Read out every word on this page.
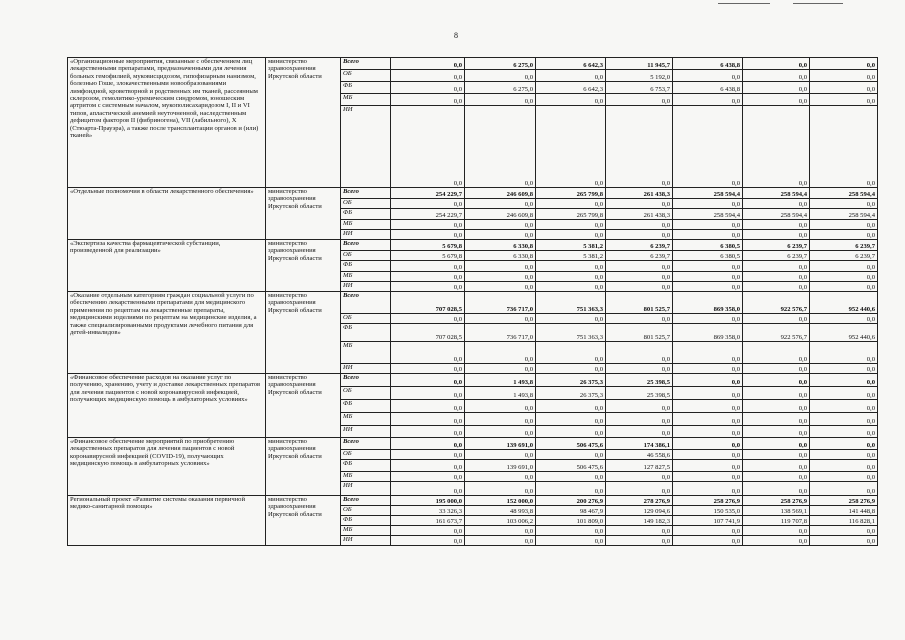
8
«Организационные мероприятия, связанные с обеспечением лиц лекарственными препаратами, предназначенными для лечения больных гемофилией, муковисцидозом, гипофизарным нанизмом, болезнью Гоше, злокачественными новообразованиями лимфоидной, кроветворной и родственных им тканей, рассеянным склерозом, гемолитико-уремическим синдромом, юношеским артритом с системным началом, мукополисахаридозом I, II и VI типов, апластической анемией неуточненной, наследственным дефицитом факторов II (фибриногена), VII (лабильного), X (Стюарта-Прауэра), а также после трансплантации органов и (или) тканей»	министерство здравоохранения Иркутской области	Всего	0,0	6 275,0	6 642,3	11 945,7	6 438,8	0,0	0,0
		ОБ	0,0	0,0	0,0	5 192,0	0,0	0,0	0,0
		ФБ	0,0	6 275,0	6 642,3	6 753,7	6 438,8	0,0	0,0
		МБ	0,0	0,0	0,0	0,0	0,0	0,0	0,0
		ИИ	0,0	0,0	0,0	0,0	0,0	0,0	0,0
«Отдельные полномочия в области лекарственного обеспечения»	министерство здравоохранения Иркутской области	Всего	254 229,7	246 609,8	265 799,8	261 438,3	258 594,4	258 594,4	258 594,4
		ОБ	0,0	0,0	0,0	0,0	0,0	0,0	0,0
		ФБ	254 229,7	246 609,8	265 799,8	261 438,3	258 594,4	258 594,4	258 594,4
		МБ	0,0	0,0	0,0	0,0	0,0	0,0	0,0
		ИИ	0,0	0,0	0,0	0,0	0,0	0,0	0,0
«Экспертиза качества фармацевтической субстанции, произведенной для реализации»	министерство здравоохранения Иркутской области	Всего	5 679,8	6 330,8	5 381,2	6 239,7	6 380,5	6 239,7	6 239,7
		ОБ	5 679,8	6 330,8	5 381,2	6 239,7	6 380,5	6 239,7	6 239,7
		ФБ	0,0	0,0	0,0	0,0	0,0	0,0	0,0
		МБ	0,0	0,0	0,0	0,0	0,0	0,0	0,0
		ИИ	0,0	0,0	0,0	0,0	0,0	0,0	0,0
«Оказание отдельным категориям граждан социальной услуги по обеспечению лекарственными препаратами для медицинского применения по рецептам на лекарственные препараты, медицинскими изделиями по рецептам на медицинские изделия, а также специализированными продуктами лечебного питания для детей-инвалидов»	министерство здравоохранения Иркутской области	Всего	707 028,5	736 717,0	751 363,3	801 525,7	869 358,0	922 576,7	952 440,6
		ОБ	0,0	0,0	0,0	0,0	0,0	0,0	0,0
		ФБ	707 028,5	736 717,0	751 363,3	801 525,7	869 358,0	922 576,7	952 440,6
		МБ	0,0	0,0	0,0	0,0	0,0	0,0	0,0
		ИИ	0,0	0,0	0,0	0,0	0,0	0,0	0,0
«Финансовое обеспечение расходов на оказание услуг по получению, хранению, учету и доставке лекарственных препаратов для лечения пациентов с новой коронавирусной инфекцией, получающих медицинскую помощь в амбулаторных условиях»	министерство здравоохранения Иркутской области	Всего	0,0	1 493,8	26 375,3	25 398,5	0,0	0,0	0,0
		ОБ	0,0	1 493,8	26 375,3	25 398,5	0,0	0,0	0,0
		ФБ	0,0	0,0	0,0	0,0	0,0	0,0	0,0
		МБ	0,0	0,0	0,0	0,0	0,0	0,0	0,0
		ИИ	0,0	0,0	0,0	0,0	0,0	0,0	0,0
«Финансовое обеспечение мероприятий по приобретению лекарственных препаратов для лечения пациентов с новой коронавирусной инфекцией (COVID-19), получающих медицинскую помощь в амбулаторных условиях»	министерство здравоохранения Иркутской области	Всего	0,0	139 691,0	506 475,6	174 386,1	0,0	0,0	0,0
		ОБ	0,0	0,0	0,0	46 558,6	0,0	0,0	0,0
		ФБ	0,0	139 691,0	506 475,6	127 827,5	0,0	0,0	0,0
		МБ	0,0	0,0	0,0	0,0	0,0	0,0	0,0
		ИИ	0,0	0,0	0,0	0,0	0,0	0,0	0,0
Региональный проект «Развитие системы оказания первичной медико-санитарной помощи»	министерство здравоохранения Иркутской области	Всего	195 000,0	152 000,0	200 276,9	278 276,9	258 276,9	258 276,9	258 276,9
		ОБ	33 326,3	48 993,8	98 467,9	129 094,6	150 535,0	138 569,1	141 448,8
		ФБ	161 673,7	103 006,2	101 809,0	149 182,3	107 741,9	119 707,8	116 828,1
		МБ	0,0	0,0	0,0	0,0	0,0	0,0	0,0
		ИИ	0,0	0,0	0,0	0,0	0,0	0,0	0,0
